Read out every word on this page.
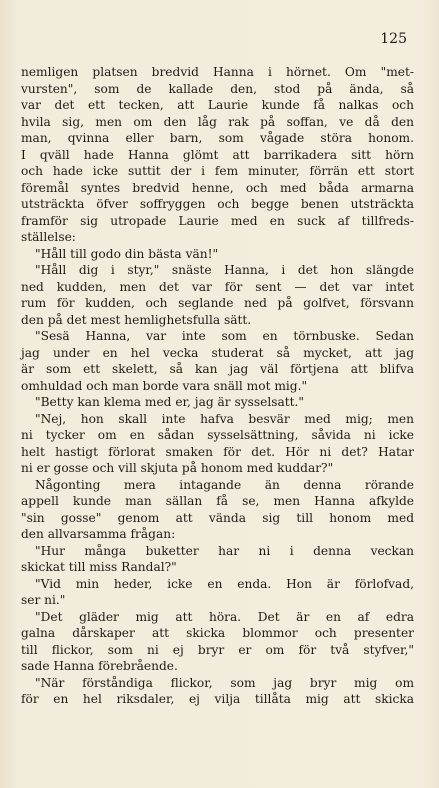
125
nemligen platsen bredvid Hanna i hörnet. Om "met-
vursten", som de kallade den, stod på ända, så
var det ett tecken, att Laurie kunde få nalkas och
hvila sig, men om den låg rak på soffan, ve då den
man, qvinna eller barn, som vågade störa honom.
I qväll hade Hanna glömt att barrikadera sitt hörn
och hade icke suttit der i fem minuter, förrän ett stort
föremål syntes bredvid henne, och med båda armarna
utsträckta öfver soffryggen och begge benen utsträckta
framför sig utropade Laurie med en suck af tillfreds-
ställelse:
"Håll till godo din bästa vän!"
"Håll dig i styr," snäste Hanna, i det hon slängde
ned kudden, men det var för sent — det var intet
rum för kudden, och seglande ned på golfvet, försvann
den på det mest hemlighetsfulla sätt.
"Sesä Hanna, var inte som en törnbuske. Sedan
jag under en hel vecka studerat så mycket, att jag
är som ett skelett, så kan jag väl förtjena att blifva
omhuldad och man borde vara snäll mot mig."
"Betty kan klema med er, jag är sysselsatt."
"Nej, hon skall inte hafva besvär med mig; men
ni tycker om en sådan sysselsättning, såvida ni icke
helt hastigt förlorat smaken för det. Hör ni det? Hatar
ni er gosse och vill skjuta på honom med kuddar?"
Någonting mera intagande än denna rörande
appell kunde man sällan få se, men Hanna afkylde
"sin gosse" genom att vända sig till honom med
den allvarsamma frågan:
"Hur många buketter har ni i denna veckan
skickat till miss Randal?"
"Vid min heder, icke en enda. Hon är förlofvad,
ser ni."
"Det gläder mig att höra. Det är en af edra
galna dårskaper att skicka blommor och presenter
till flickor, som ni ej bryr er om för två styfver,"
sade Hanna förebrående.
"När förståndiga flickor, som jag bryr mig om
för en hel riksdaler, ej vilja tillåta mig att skicka
